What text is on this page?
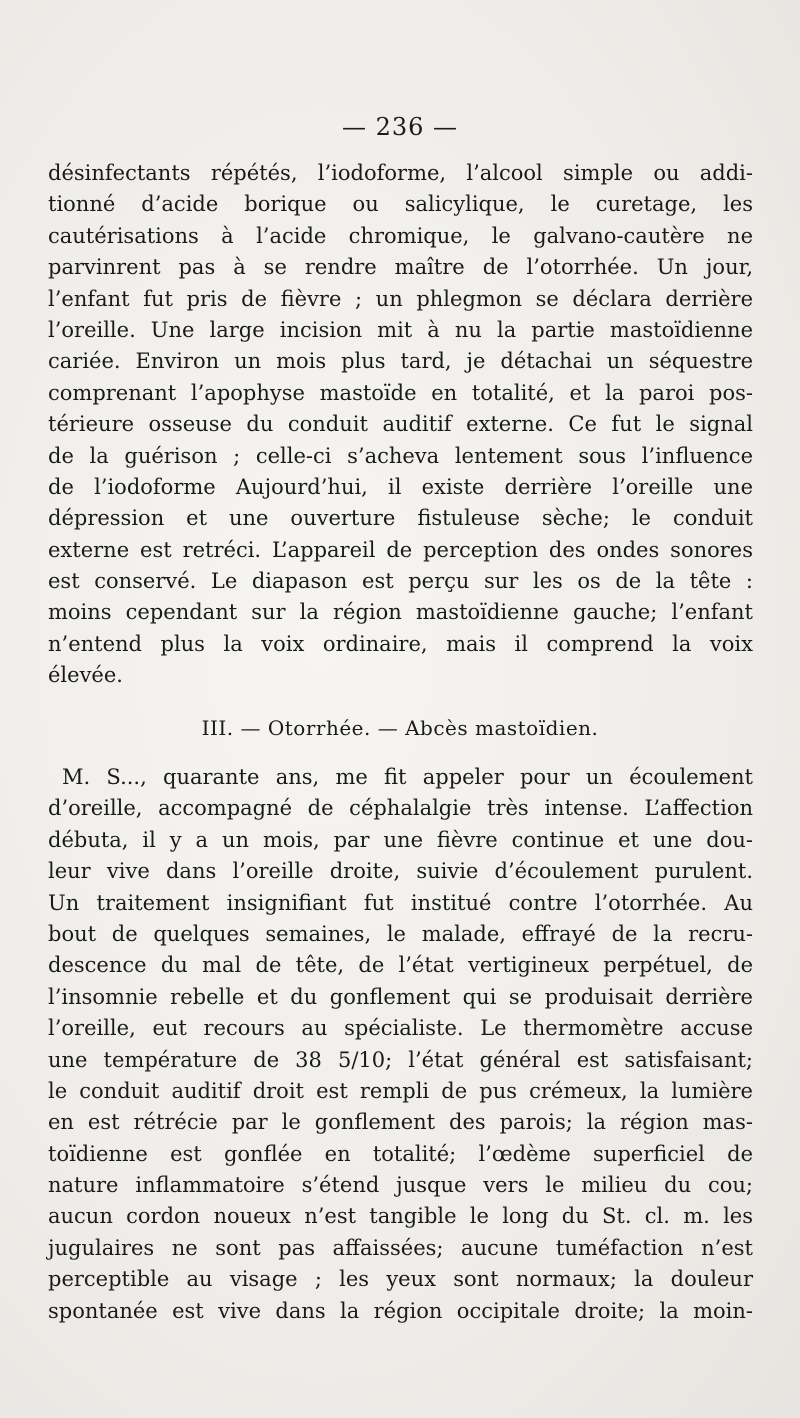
— 236 —
désinfectants répétés, l’iodoforme, l’alcool simple ou addi-
tionné d’acide borique ou salicylique, le curetage, les
cautérisations à l’acide chromique, le galvano-cautère ne
parvinrent pas à se rendre maître de l’otorrhée. Un jour,
l’enfant fut pris de fièvre ; un phlegmon se déclara derrière
l’oreille. Une large incision mit à nu la partie mastoïdienne
cariée. Environ un mois plus tard, je détachai un séquestre
comprenant l’apophyse mastoïde en totalité, et la paroi pos-
térieure osseuse du conduit auditif externe. Ce fut le signal
de la guérison ; celle-ci s’acheva lentement sous l’influence
de l’iodoforme Aujourd’hui, il existe derrière l’oreille une
dépression et une ouverture fistuleuse sèche; le conduit
externe est retréci. L’appareil de perception des ondes sonores
est conservé. Le diapason est perçu sur les os de la tête :
moins cependant sur la région mastoïdienne gauche; l’enfant
n’entend plus la voix ordinaire, mais il comprend la voix
élevée.
III. — Otorrhée. — Abcès mastoïdien.
M. S..., quarante ans, me fit appeler pour un écoulement
d’oreille, accompagné de céphalalgie très intense. L’affection
débuta, il y a un mois, par une fièvre continue et une dou-
leur vive dans l’oreille droite, suivie d’écoulement purulent.
Un traitement insignifiant fut institué contre l’otorrhée. Au
bout de quelques semaines, le malade, effrayé de la recru-
descence du mal de tête, de l’état vertigineux perpétuel, de
l’insomnie rebelle et du gonflement qui se produisait derrière
l’oreille, eut recours au spécialiste. Le thermomètre accuse
une température de 38 5/10; l’état général est satisfaisant;
le conduit auditif droit est rempli de pus crémeux, la lumière
en est rétrécie par le gonflement des parois; la région mas-
toïdienne est gonflée en totalité; l’œdème superficiel de
nature inflammatoire s’étend jusque vers le milieu du cou;
aucun cordon noueux n’est tangible le long du St. cl. m. les
jugulaires ne sont pas affaissées; aucune tuméfaction n’est
perceptible au visage ; les yeux sont normaux; la douleur
spontanée est vive dans la région occipitale droite; la moin-
